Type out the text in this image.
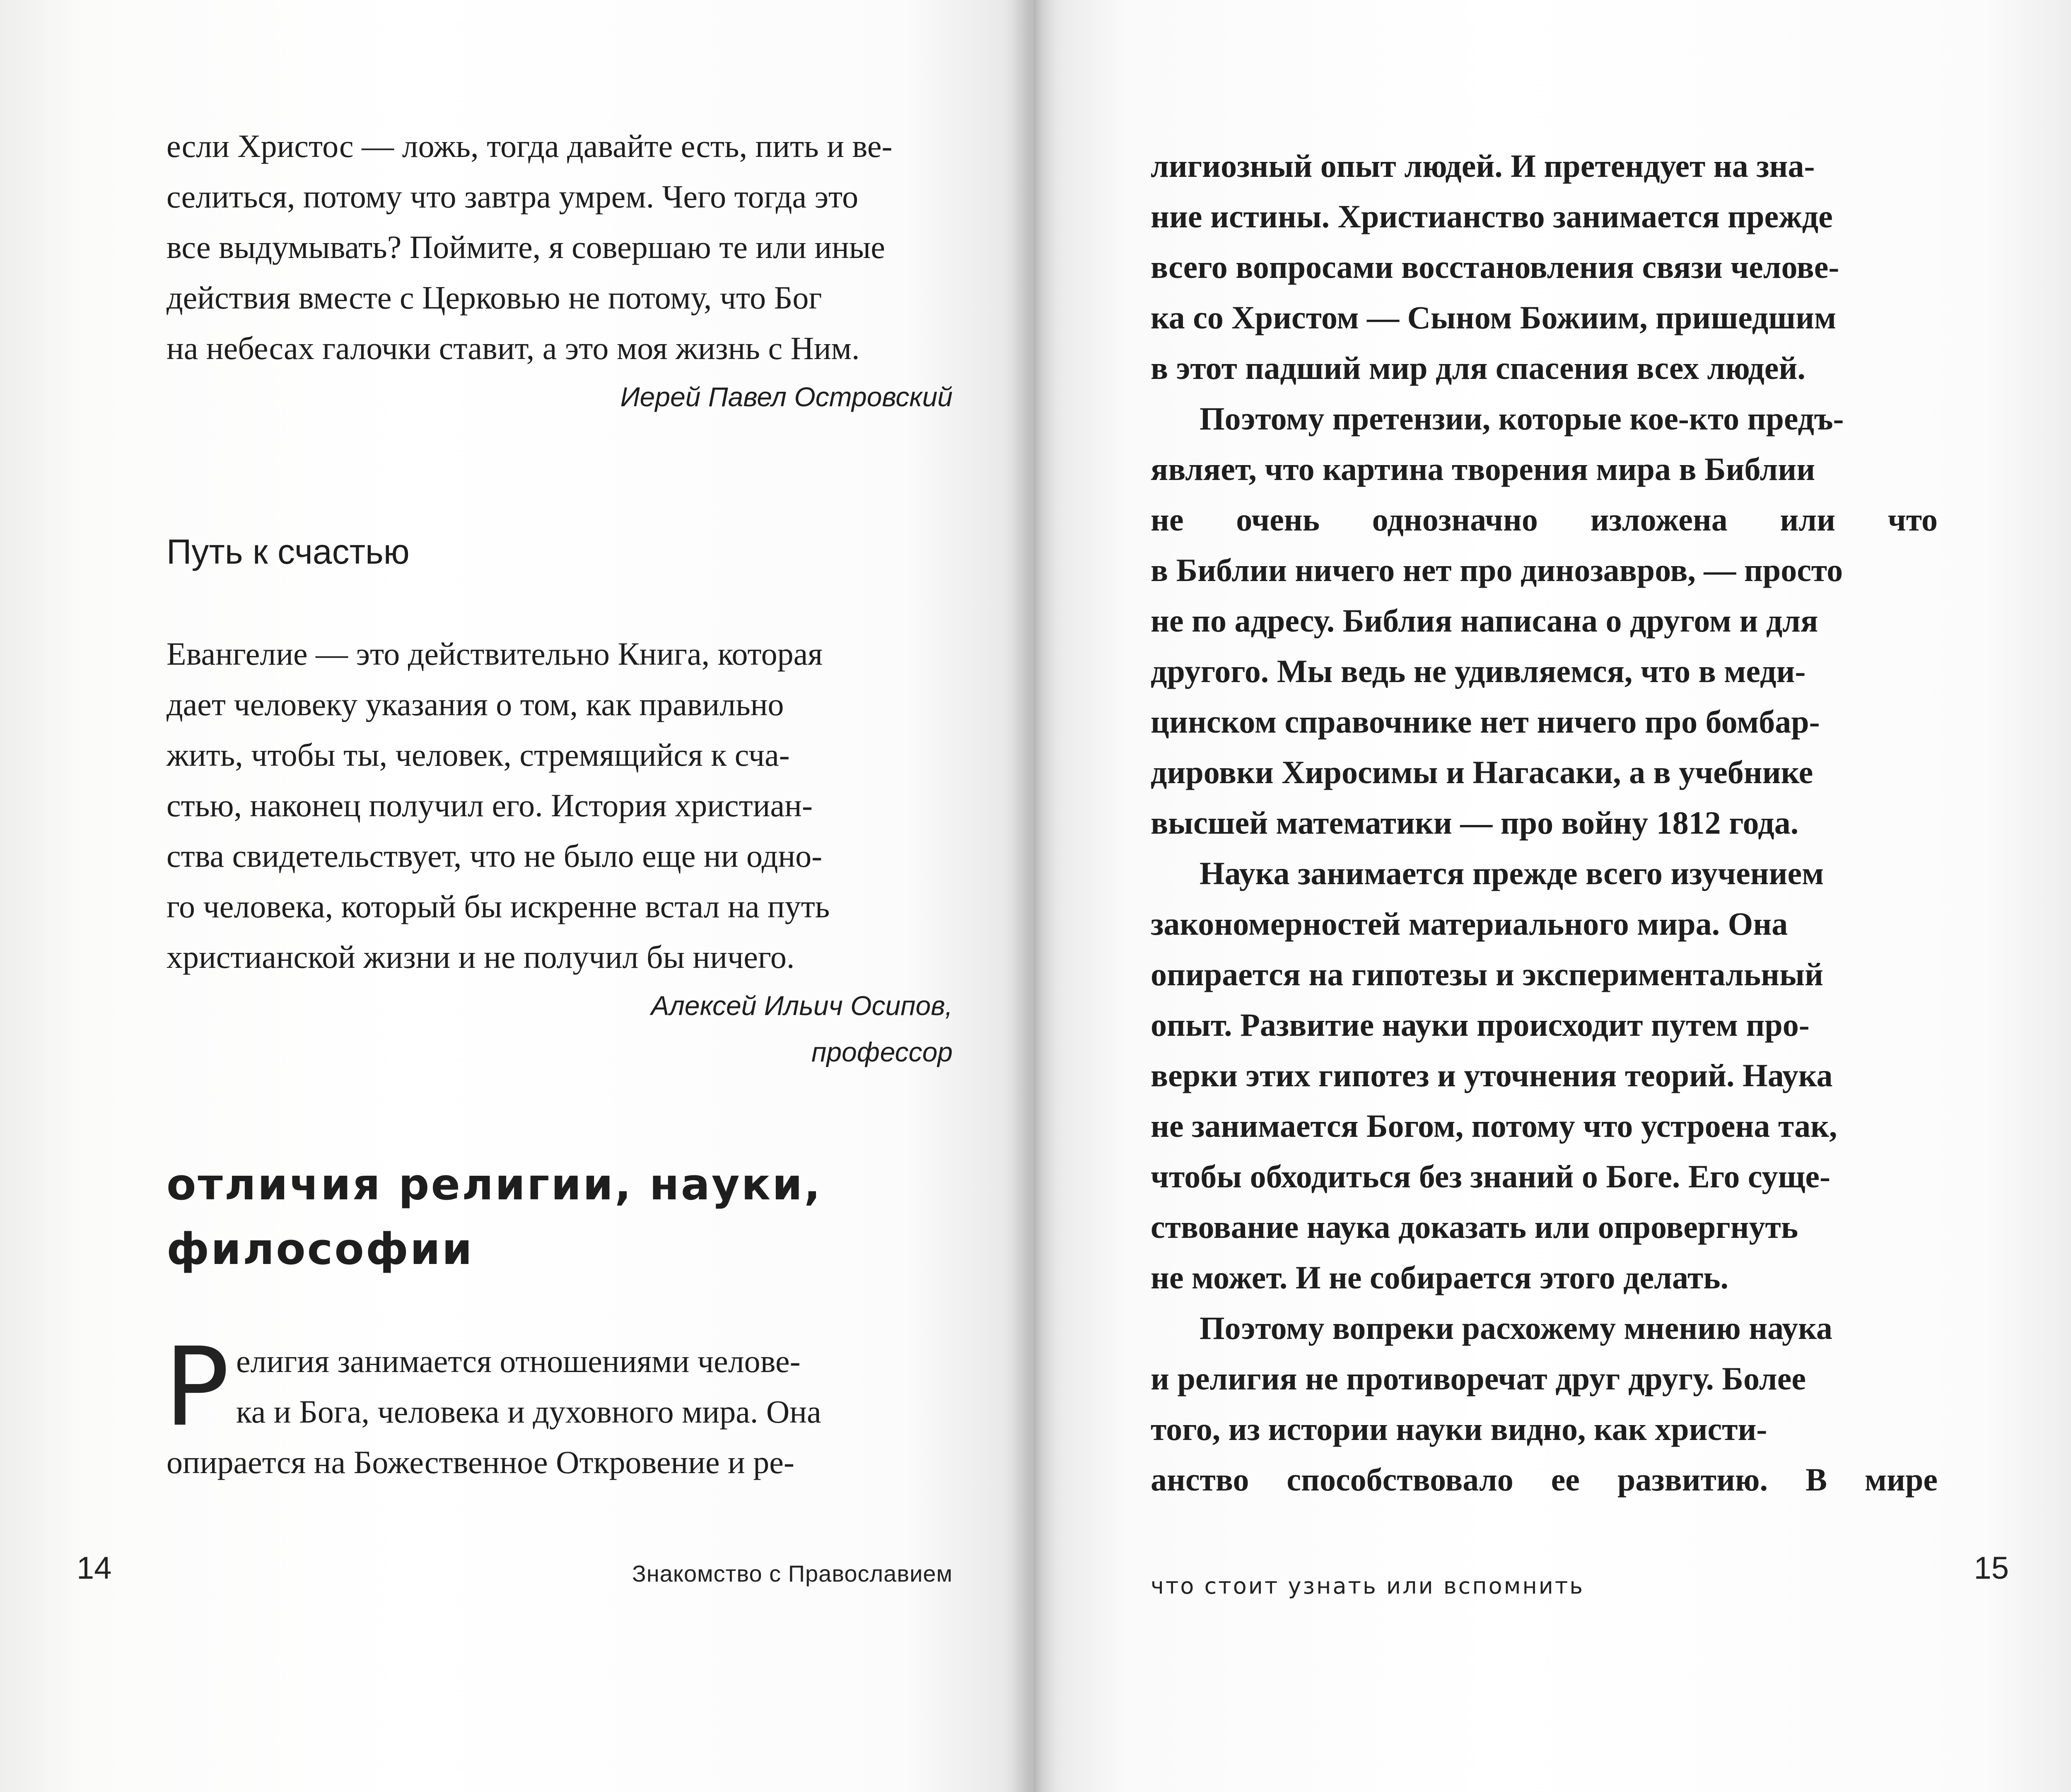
если Христос — ложь, тогда давайте есть, пить и ве-

селиться, потому что завтра умрем. Чего тогда это

все выдумывать? Поймите, я совершаю те или иные

действия вместе с Церковью не потому, что Бог

на небесах галочки ставит, а это моя жизнь с Ним.

Иерей Павел Островский

Путь к счастью

Евангелие — это действительно Книга, которая

дает человеку указания о том, как правильно

жить, чтобы ты, человек, стремящийся к сча-

стью, наконец получил его. История христиан-

ства свидетельствует, что не было еще ни одно-

го человека, который бы искренне встал на путь

христианской жизни и не получил бы ничего.

Алексей Ильич Осипов,

професcор

отличия религии, науки,
философии
Р елигия занимается отношениями челове-

ка и Бога, человека и духовного мира. Она

опирается на Божественное Откровение и ре-

14	Знакомство с Православием

лигиозный опыт людей. И претендует на зна-

ние истины. Христианство занимается прежде

всего вопросами восстановления связи челове-

ка со Христом — Сыном Божиим, пришедшим

в этот падший мир для спасения всех людей.

Поэтому претензии, которые кое-кто предъ-

являет, что картина творения мира в Библии

не очень однозначно изложена или что

в Библии ничего нет про динозавров, — просто

не по адресу. Библия написана о другом и для

другого. Мы ведь не удивляемся, что в меди-

цинском справочнике нет ничего про бомбар-

дировки Хиросимы и Нагасаки, а в учебнике

высшей математики — про войну 1812 года.

Наука занимается прежде всего изучением

закономерностей материального мира. Она

опирается на гипотезы и экспериментальный

опыт. Развитие науки происходит путем про-

верки этих гипотез и уточнения теорий. Наука

не занимается Богом, потому что устроена так,

чтобы обходиться без знаний о Боге. Его суще-

ствование наука доказать или опровергнуть

не может. И не собирается этого делать.

Поэтому вопреки расхожему мнению наука

и религия не противоречат друг другу. Более

того, из истории науки видно, как христи-

анство способствовало ее развитию. В мире

что стоит узнать или вспомнить
15
